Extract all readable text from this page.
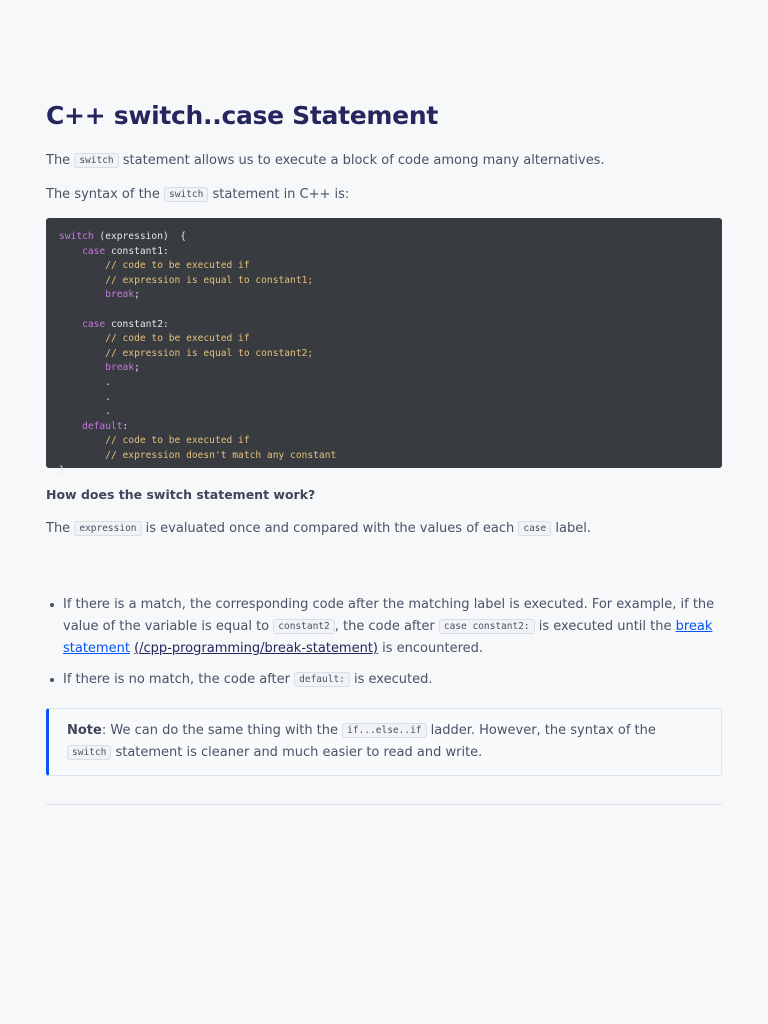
C++ switch..case Statement

The switch statement allows us to execute a block of code among many alternatives.

The syntax of the switch statement in C++ is:

switch (expression)  {
case constant1:
// code to be executed if
// expression is equal to constant1;
break;
case constant2:
// code to be executed if
// expression is equal to constant2;
break;
.
.
.
default:
// code to be executed if
// expression doesn't match any constant
}
How does the switch statement work?

The expression is evaluated once and compared with the values of each case label.

If there is a match, the corresponding code after the matching label is executed. For example, if the value of the variable is equal to constant2 , the code after case constant2: is executed until the break statement (/cpp-programming/break-statement) is encountered.
If there is no match, the code after default: is executed.
Note: We can do the same thing with the if...else..if ladder. However, the syntax of the switch statement is cleaner and much easier to read and write.
